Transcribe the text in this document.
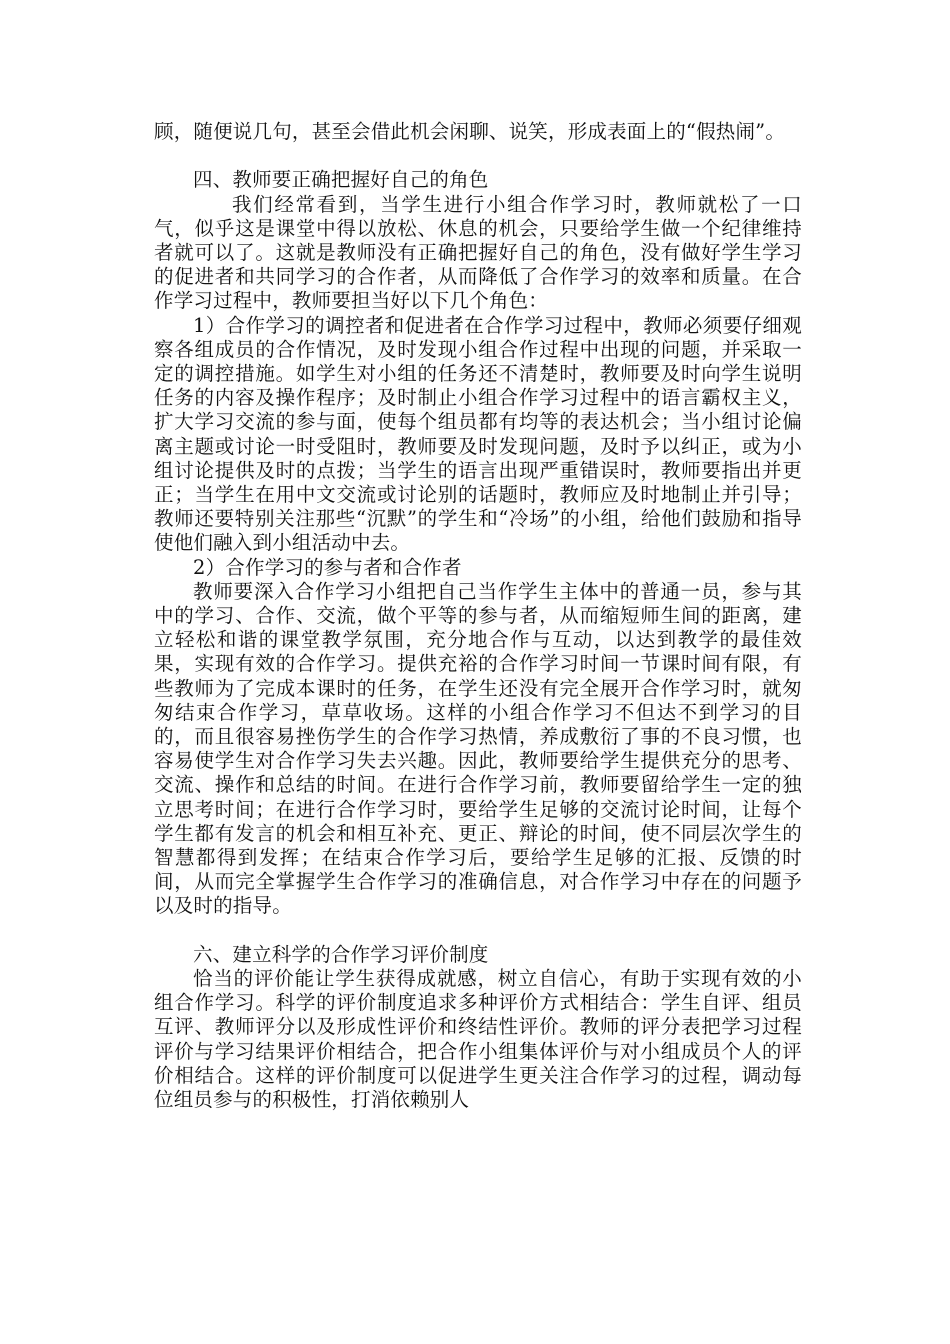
顾，随便说几句，甚至会借此机会闲聊、说笑，形成表面上的“假热闹”。

四、教师要正确把握好自己的角色

我们经常看到，当学生进行小组合作学习时，教师就松了一口气，似乎这是课堂中得以放松、休息的机会，只要给学生做一个纪律维持者就可以了。这就是教师没有正确把握好自己的角色，没有做好学生学习的促进者和共同学习的合作者，从而降低了合作学习的效率和质量。在合作学习过程中，教师要担当好以下几个角色：

1）合作学习的调控者和促进者在合作学习过程中，教师必须要仔细观察各组成员的合作情况，及时发现小组合作过程中出现的问题，并采取一定的调控措施。如学生对小组的任务还不清楚时，教师要及时向学生说明任务的内容及操作程序；及时制止小组合作学习过程中的语言霸权主义，扩大学习交流的参与面，使每个组员都有均等的表达机会；当小组讨论偏离主题或讨论一时受阻时，教师要及时发现问题，及时予以纠正，或为小组讨论提供及时的点拨；当学生的语言出现严重错误时，教师要指出并更正；当学生在用中文交流或讨论别的话题时，教师应及时地制止并引导；教师还要特别关注那些“沉默”的学生和“冷场”的小组，给他们鼓励和指导使他们融入到小组活动中去。

2）合作学习的参与者和合作者

教师要深入合作学习小组把自己当作学生主体中的普通一员，参与其中的学习、合作、交流，做个平等的参与者，从而缩短师生间的距离，建立轻松和谐的课堂教学氛围，充分地合作与互动，以达到教学的最佳效果，实现有效的合作学习。提供充裕的合作学习时间一节课时间有限，有些教师为了完成本课时的任务，在学生还没有完全展开合作学习时，就匆匆结束合作学习，草草收场。这样的小组合作学习不但达不到学习的目的，而且很容易挫伤学生的合作学习热情，养成敷衍了事的不良习惯，也容易使学生对合作学习失去兴趣。因此，教师要给学生提供充分的思考、交流、操作和总结的时间。在进行合作学习前，教师要留给学生一定的独立思考时间；在进行合作学习时，要给学生足够的交流讨论时间，让每个学生都有发言的机会和相互补充、更正、辩论的时间，使不同层次学生的智慧都得到发挥；在结束合作学习后，要给学生足够的汇报、反馈的时间，从而完全掌握学生合作学习的准确信息，对合作学习中存在的问题予以及时的指导。

六、建立科学的合作学习评价制度

恰当的评价能让学生获得成就感，树立自信心，有助于实现有效的小组合作学习。科学的评价制度追求多种评价方式相结合：学生自评、组员互评、教师评分以及形成性评价和终结性评价。教师的评分表把学习过程评价与学习结果评价相结合，把合作小组集体评价与对小组成员个人的评价相结合。这样的评价制度可以促进学生更关注合作学习的过程，调动每位组员参与的积极性，打消依赖别人
